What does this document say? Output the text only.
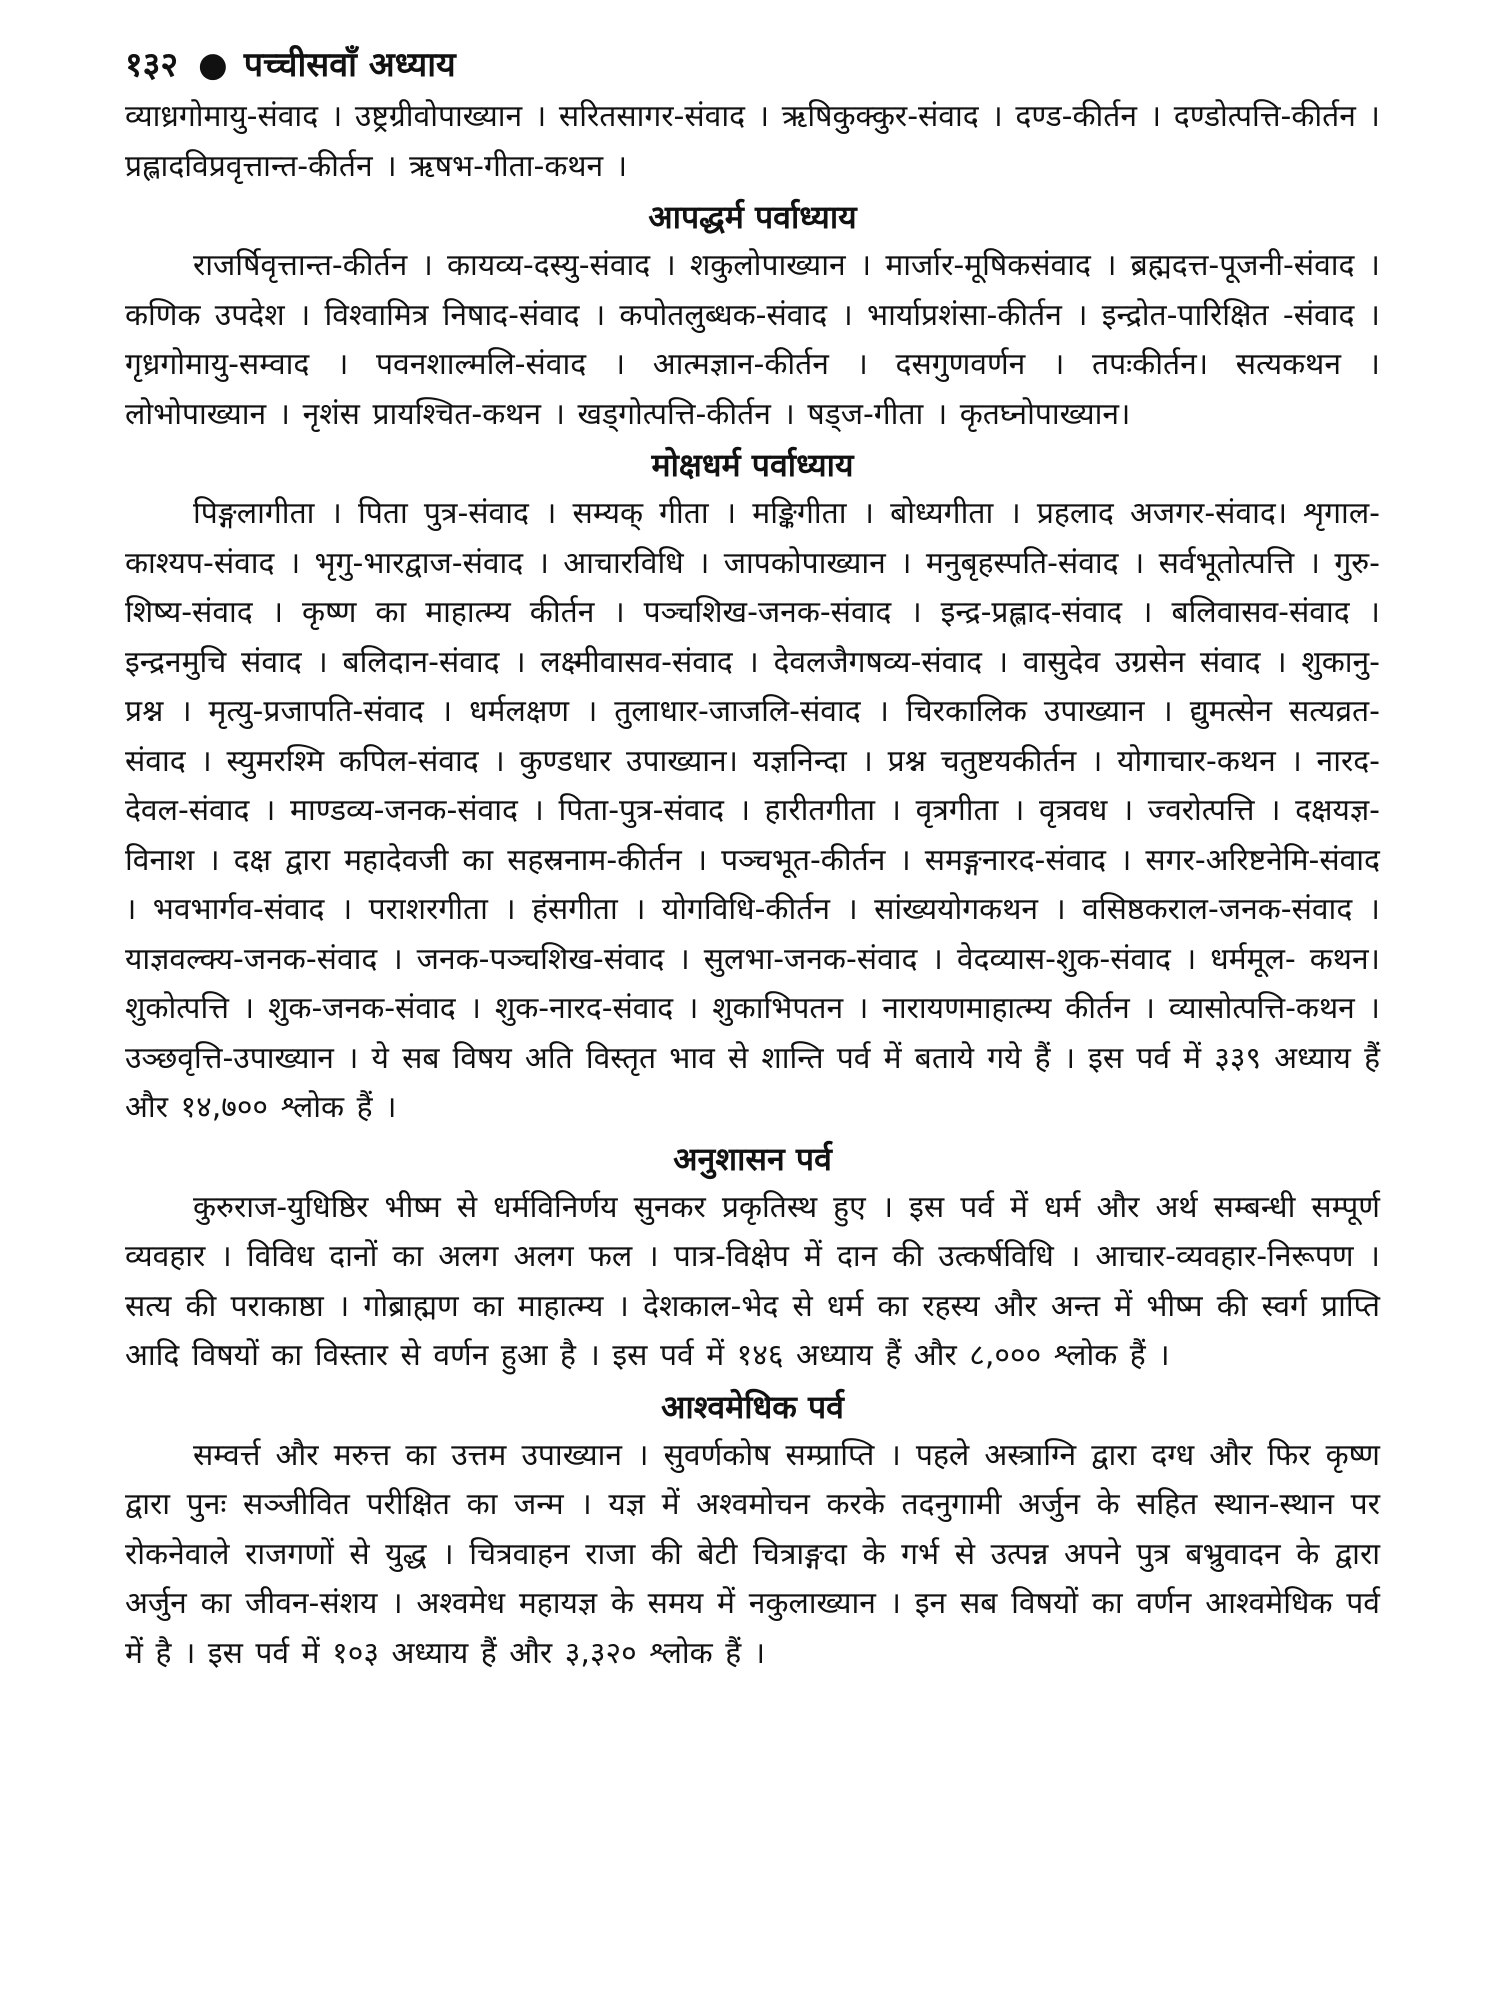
१३२ ● पच्चीसवाँ अध्याय

व्याध्रगोमायु-संवाद । उष्ट्रग्रीवोपाख्यान । सरितसागर-संवाद । ऋषिकुक्कुर-संवाद । दण्ड-कीर्तन । दण्डोत्पत्ति-कीर्तन । प्रह्लादविप्रवृत्तान्त-कीर्तन । ऋषभ-गीता-कथन ।

आपद्धर्म पर्वाध्याय

राजर्षिवृत्तान्त-कीर्तन । कायव्य-दस्यु-संवाद । शकुलोपाख्यान । मार्जार-मूषिकसंवाद । ब्रह्मदत्त-पूजनी-संवाद । कणिक उपदेश । विश्वामित्र निषाद-संवाद । कपोतलुब्धक-संवाद । भार्याप्रशंसा-कीर्तन । इन्द्रोत-पारिक्षित -संवाद । गृध्रगोमायु-सम्वाद । पवनशाल्मलि-संवाद । आत्मज्ञान-कीर्तन । दसगुणवर्णन । तपःकीर्तन। सत्यकथन । लोभोपाख्यान । नृशंस प्रायश्चित-कथन । खड्गोत्पत्ति-कीर्तन । षड्ज-गीता । कृतघ्नोपाख्यान।

मोक्षधर्म पर्वाध्याय

पिङ्गलागीता । पिता पुत्र-संवाद । सम्यक् गीता । मङ्किगीता । बोध्यगीता । प्रहलाद अजगर-संवाद। शृगाल-काश्यप-संवाद । भृगु-भारद्वाज-संवाद । आचारविधि । जापकोपाख्यान । मनुबृहस्पति-संवाद । सर्वभूतोत्पत्ति । गुरु-शिष्य-संवाद । कृष्ण का माहात्म्य कीर्तन । पञ्चशिख-जनक-संवाद । इन्द्र-प्रह्लाद-संवाद । बलिवासव-संवाद । इन्द्रनमुचि संवाद । बलिदान-संवाद । लक्ष्मीवासव-संवाद । देवलजैगषव्य-संवाद । वासुदेव उग्रसेन संवाद । शुकानु-प्रश्न । मृत्यु-प्रजापति-संवाद । धर्मलक्षण । तुलाधार-जाजलि-संवाद । चिरकालिक उपाख्यान । द्युमत्सेन सत्यव्रत-संवाद । स्युमरश्मि कपिल-संवाद । कुण्डधार उपाख्यान। यज्ञनिन्दा । प्रश्न चतुष्टयकीर्तन । योगाचार-कथन । नारद-देवल-संवाद । माण्डव्य-जनक-संवाद । पिता-पुत्र-संवाद । हारीतगीता । वृत्रगीता । वृत्रवध । ज्वरोत्पत्ति । दक्षयज्ञ-विनाश । दक्ष द्वारा महादेवजी का सहस्रनाम-कीर्तन । पञ्चभूत-कीर्तन । समङ्गनारद-संवाद । सगर-अरिष्टनेमि-संवाद । भवभार्गव-संवाद । पराशरगीता । हंसगीता । योगविधि-कीर्तन । सांख्ययोगकथन । वसिष्ठकराल-जनक-संवाद । याज्ञवल्क्य-जनक-संवाद । जनक-पञ्चशिख-संवाद । सुलभा-जनक-संवाद । वेदव्यास-शुक-संवाद । धर्ममूल- कथन। शुकोत्पत्ति । शुक-जनक-संवाद । शुक-नारद-संवाद । शुकाभिपतन । नारायणमाहात्म्य कीर्तन । व्यासोत्पत्ति-कथन । उञ्छवृत्ति-उपाख्यान । ये सब विषय अति विस्तृत भाव से शान्ति पर्व में बताये गये हैं । इस पर्व में ३३९ अध्याय हैं और १४,७०० श्लोक हैं ।

अनुशासन पर्व

कुरुराज-युधिष्ठिर भीष्म से धर्मविनिर्णय सुनकर प्रकृतिस्थ हुए । इस पर्व में धर्म और अर्थ सम्बन्धी सम्पूर्ण व्यवहार । विविध दानों का अलग अलग फल । पात्र-विक्षेप में दान की उत्कर्षविधि । आचार-व्यवहार-निरूपण । सत्य की पराकाष्ठा । गोब्राह्मण का माहात्म्य । देशकाल-भेद से धर्म का रहस्य और अन्त में भीष्म की स्वर्ग प्राप्ति आदि विषयों का विस्तार से वर्णन हुआ है । इस पर्व में १४६ अध्याय हैं और ८,००० श्लोक हैं ।

आश्वमेधिक पर्व

सम्वर्त्त और मरुत्त का उत्तम उपाख्यान । सुवर्णकोष सम्प्राप्ति । पहले अस्त्राग्नि द्वारा दग्ध और फिर कृष्ण द्वारा पुनः सञ्जीवित परीक्षित का जन्म । यज्ञ में अश्वमोचन करके तदनुगामी अर्जुन के सहित स्थान-स्थान पर रोकनेवाले राजगणों से युद्ध । चित्रवाहन राजा की बेटी चित्राङ्गदा के गर्भ से उत्पन्न अपने पुत्र बभ्रुवादन के द्वारा अर्जुन का जीवन-संशय । अश्वमेध महायज्ञ के समय में नकुलाख्यान । इन सब विषयों का वर्णन आश्वमेधिक पर्व में है । इस पर्व में १०३ अध्याय हैं और ३,३२० श्लोक हैं ।
